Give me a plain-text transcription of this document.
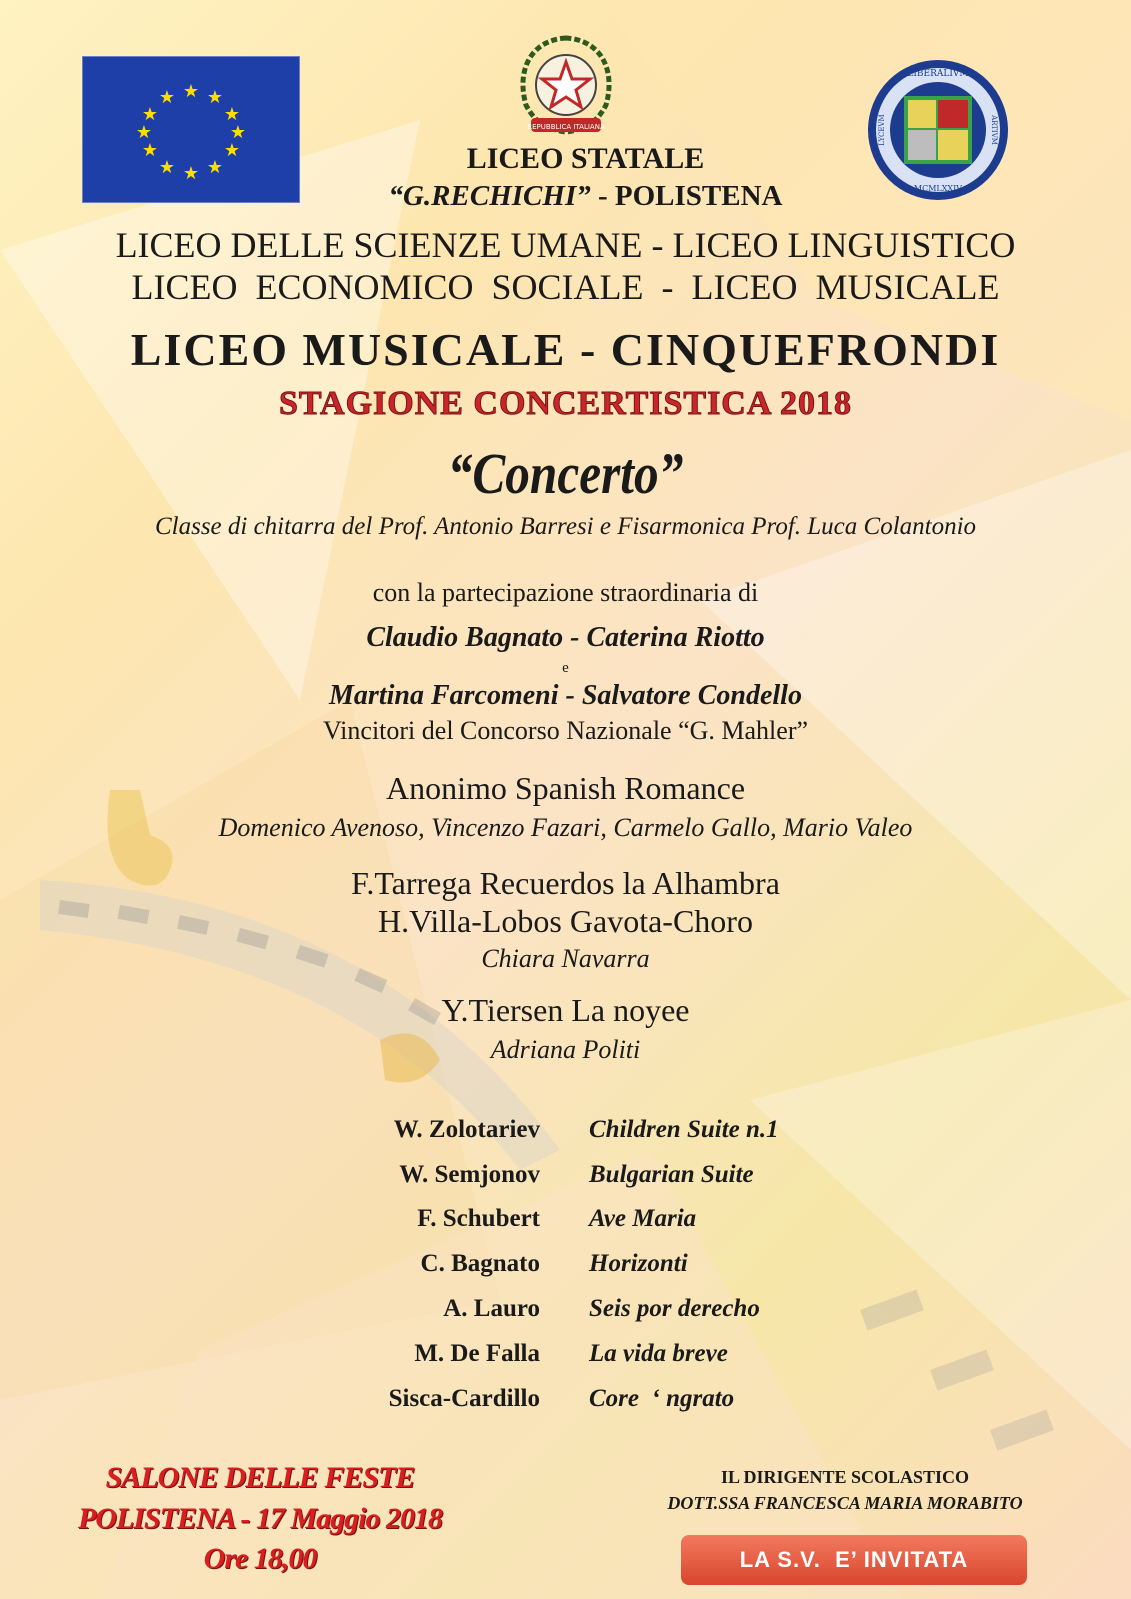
★ ★
★
★
★
★
★
★
★
★
★
★
REPUBBLICA ITALIANA
LIBERALIVM
ARTIVM
MCMLXXIV
LYCEVM
LICEO STATALE
“G.RECHICHI” - POLISTENA
LICEO DELLE SCIENZE UMANE - LICEO LINGUISTICO
LICEO  ECONOMICO  SOCIALE  -  LICEO  MUSICALE
LICEO MUSICALE - CINQUEFRONDI
STAGIONE CONCERTISTICA 2018
“Concerto”
Classe di chitarra del Prof. Antonio Barresi e Fisarmonica Prof. Luca Colantonio
con la partecipazione straordinaria di
Claudio Bagnato - Caterina Riotto
e
Martina Farcomeni - Salvatore Condello
Vincitori del Concorso Nazionale “G. Mahler”
Anonimo Spanish Romance
Domenico Avenoso, Vincenzo Fazari, Carmelo Gallo, Mario Valeo
F.Tarrega Recuerdos la Alhambra
H.Villa-Lobos Gavota-Choro
Chiara Navarra
Y.Tiersen La noyee
Adriana Politi
W. Zolotariev Children Suite n.1
W. Semjonov Bulgarian Suite
F. Schubert Ave Maria
C. Bagnato Horizonti
A. Lauro Seis por derecho
M. De Falla La vida breve
Sisca-Cardillo Core  ‘ ngrato
SALONE DELLE FESTE
POLISTENA - 17 Maggio 2018
Ore 18,00
IL DIRIGENTE SCOLASTICO
DOTT.SSA FRANCESCA MARIA MORABITO
LA S.V.  E’ INVITATA
